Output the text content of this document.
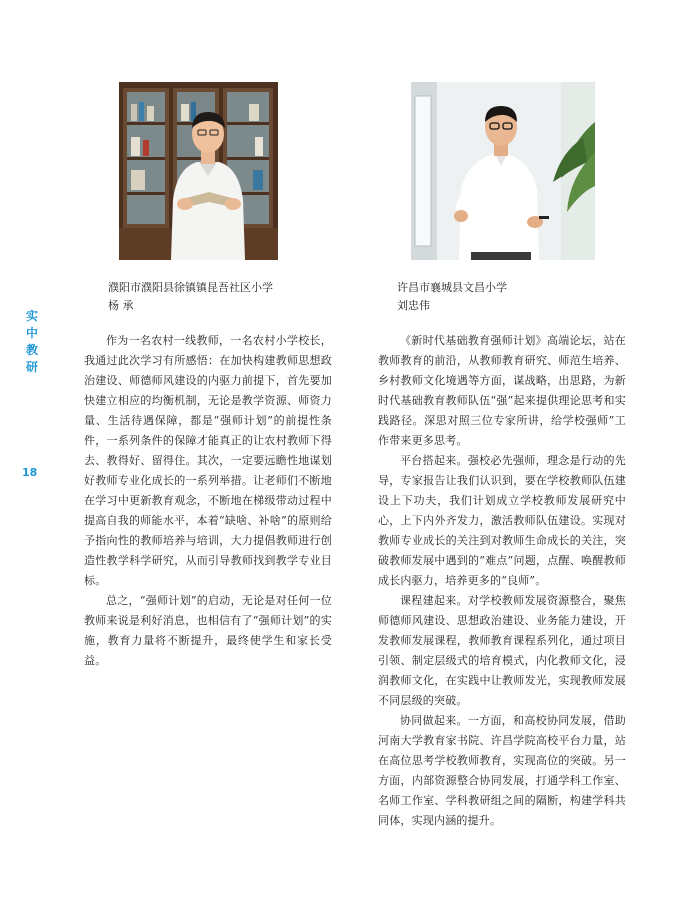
实
中
教
研
18
濮阳市濮阳县徐镇镇昆吾社区小学
杨 承
许昌市襄城县文昌小学
刘忠伟

作为一名农村一线教师，一名农村小学校长，我通过此次学习有所感悟：在加快构建教师思想政治建设、师德师风建设的内驱力前提下，首先要加快建立相应的均衡机制，无论是教学资源、师资力量、生活待遇保障，都是“强师计划”的前提性条件，一系列条件的保障才能真正的让农村教师下得去、教得好、留得住。其次，一定要远瞻性地谋划好教师专业化成长的一系列举措。让老师们不断地在学习中更新教育观念，不断地在梯级带动过程中提高自我的师能水平，本着“缺啥、补啥”的原则给予指向性的教师培养与培训，大力提倡教师进行创造性教学科学研究，从而引导教师找到教学专业目标。

总之，“强师计划”的启动，无论是对任何一位教师来说是利好消息，也相信有了“强师计划”的实施，教育力量将不断提升，最终使学生和家长受益。

《新时代基础教育强师计划》高端论坛，站在教师教育的前沿，从教师教育研究、师范生培养、乡村教师文化境遇等方面，谋战略，出思路，为新时代基础教育教师队伍“强”起来提供理论思考和实践路径。深思对照三位专家所讲，给学校强师”工作带来更多思考。

平台搭起来。强校必先强师，理念是行动的先导，专家报告让我们认识到，要在学校教师队伍建设上下功夫，我们计划成立学校教师发展研究中心，上下内外齐发力，激活教师队伍建设。实现对教师专业成长的关注到对教师生命成长的关注，突破教师发展中遇到的“难点”问题，点醒、唤醒教师成长内驱力，培养更多的“良师”。

课程建起来。对学校教师发展资源整合，聚焦师德师风建设、思想政治建设、业务能力建设，开发教师发展课程，教师教育课程系列化，通过项目引领、制定层级式的培育模式，内化教师文化，浸润教师文化，在实践中让教师发光，实现教师发展不同层级的突破。

协同做起来。一方面，和高校协同发展，借助河南大学教育家书院、许昌学院高校平台力量，站在高位思考学校教师教育，实现高位的突破。另一方面，内部资源整合协同发展，打通学科工作室、名师工作室、学科教研组之间的隔断，构建学科共同体，实现内涵的提升。
